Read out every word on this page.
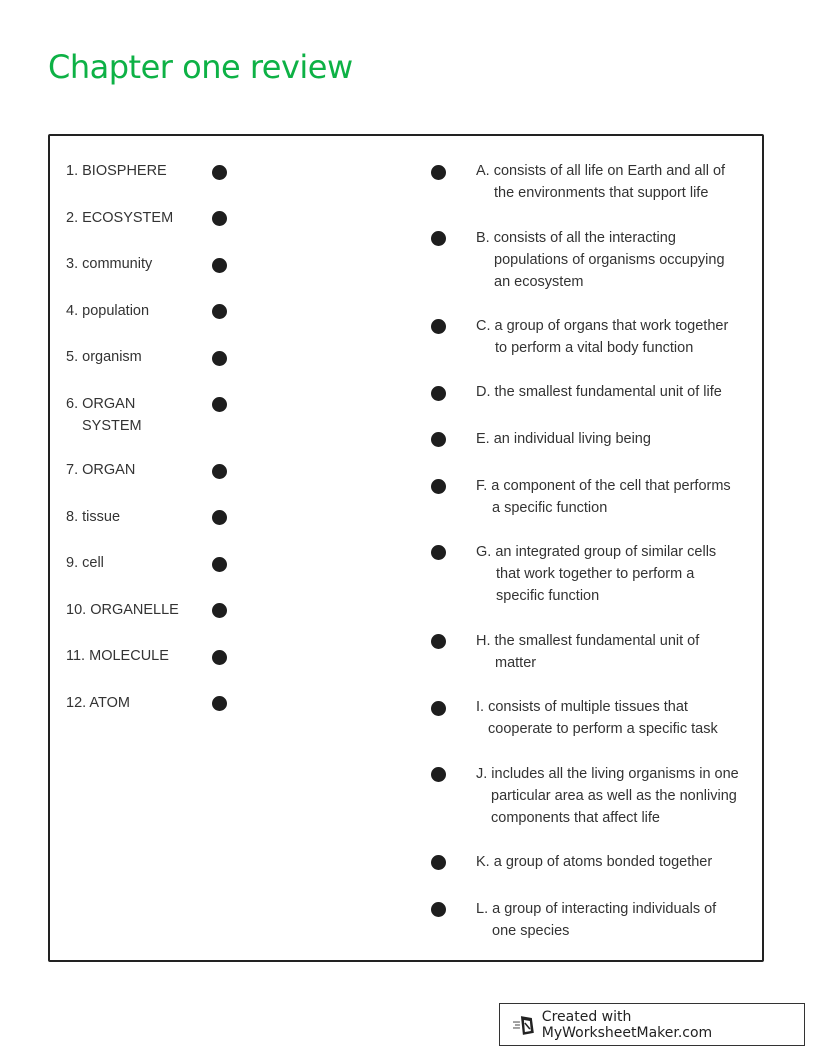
Chapter one review
1. BIOSPHERE
2. ECOSYSTEM
3. community
4. population
5. organism
6. ORGAN
SYSTEM
7. ORGAN
8. tissue
9. cell
10. ORGANELLE
11. MOLECULE
12. ATOM
A. consists of all life on Earth and all of
the environments that support life
B. consists of all the interacting
populations of organisms occupying
an ecosystem
C. a group of organs that work together
to perform a vital body function
D. the smallest fundamental unit of life
E. an individual living being
F. a component of the cell that performs
a specific function
G. an integrated group of similar cells
that work together to perform a
specific function
H. the smallest fundamental unit of
matter
I. consists of multiple tissues that
cooperate to perform a specific task
J. includes all the living organisms in one
particular area as well as the nonliving
components that affect life
K. a group of atoms bonded together
L. a group of interacting individuals of
one species
Created with MyWorksheetMaker.com
